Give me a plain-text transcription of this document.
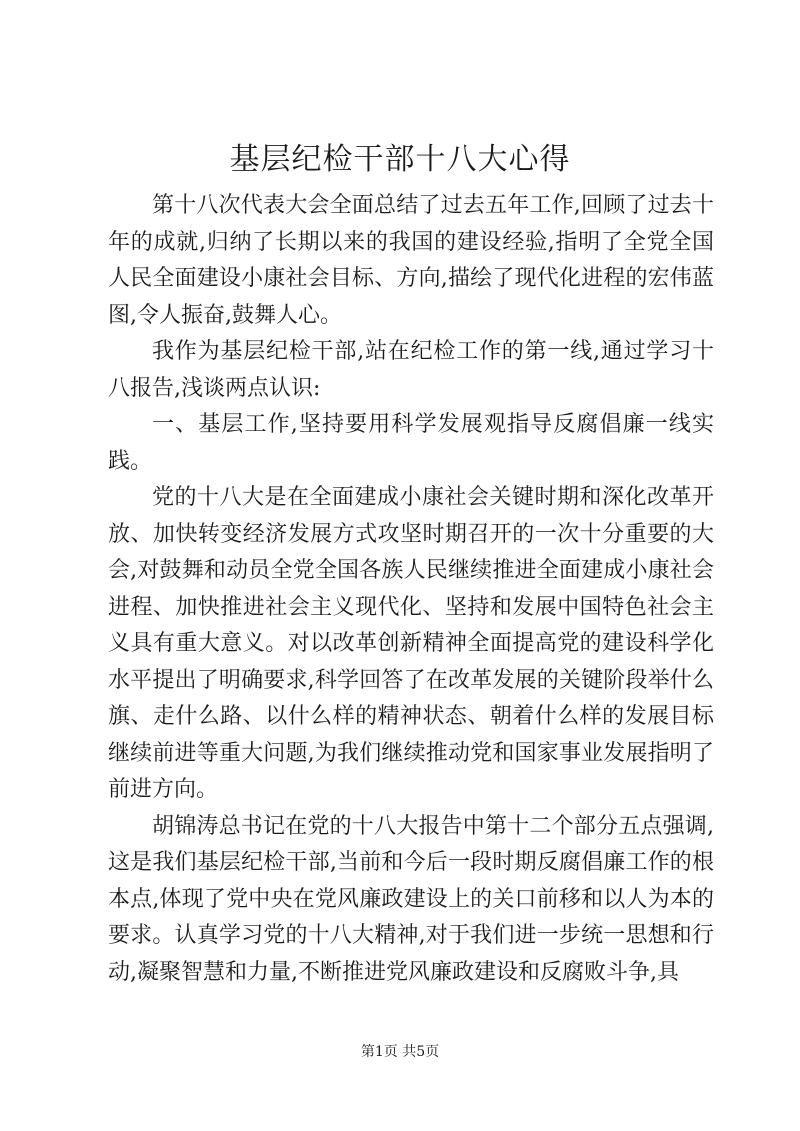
基层纪检干部十八大心得

第十八次代表大会全面总结了过去五年工作,回顾了过去十年的成就,归纳了长期以来的我国的建设经验,指明了全党全国人民全面建设小康社会目标、方向,描绘了现代化进程的宏伟蓝图,令人振奋,鼓舞人心。

我作为基层纪检干部,站在纪检工作的第一线,通过学习十八报告,浅谈两点认识:

一、基层工作,坚持要用科学发展观指导反腐倡廉一线实践。

党的十八大是在全面建成小康社会关键时期和深化改革开放、加快转变经济发展方式攻坚时期召开的一次十分重要的大会,对鼓舞和动员全党全国各族人民继续推进全面建成小康社会进程、加快推进社会主义现代化、坚持和发展中国特色社会主义具有重大意义。对以改革创新精神全面提高党的建设科学化水平提出了明确要求,科学回答了在改革发展的关键阶段举什么旗、走什么路、以什么样的精神状态、朝着什么样的发展目标继续前进等重大问题,为我们继续推动党和国家事业发展指明了前进方向。

胡锦涛总书记在党的十八大报告中第十二个部分五点强调,这是我们基层纪检干部,当前和今后一段时期反腐倡廉工作的根本点,体现了党中央在党风廉政建设上的关口前移和以人为本的要求。认真学习党的十八大精神,对于我们进一步统一思想和行动,凝聚智慧和力量,不断推进党风廉政建设和反腐败斗争,具

第1页 共5页
